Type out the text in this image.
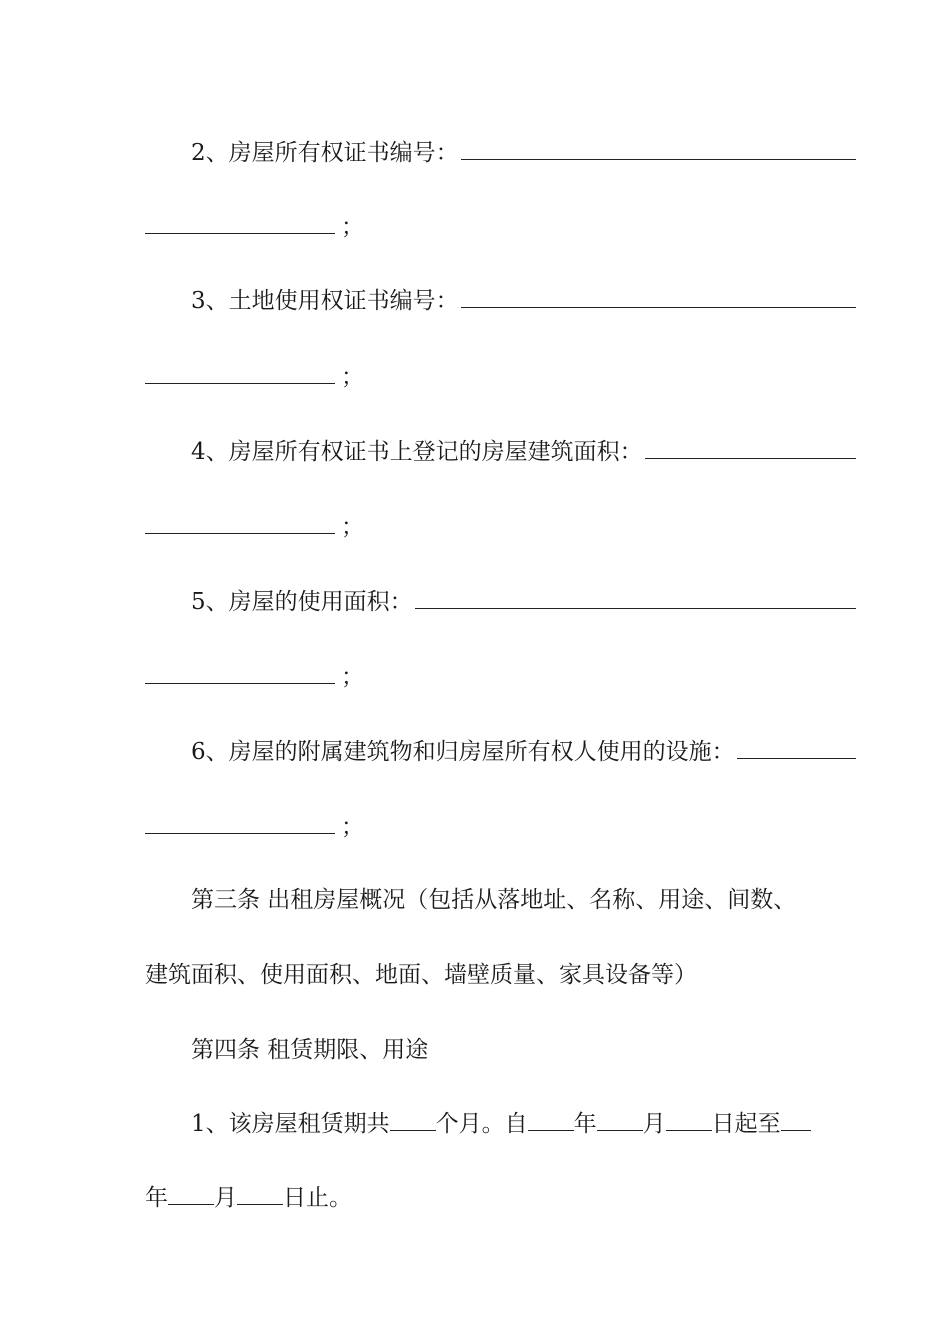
2、 房屋所有权证书编号：
；
3、 土地使用权证书编号：
；
4、 房屋所有权证书上登记的房屋建筑面积：
；
5、 房屋的使用面积：
；
6、 房屋的附属建筑物和归房屋所有权人使用的设施：
；
第三条 出租房屋概况（包括从落地址、名称、用途、间数、
建筑面积、使用面积、地面、墙壁质量、家具设备等）
第四条 租赁期限、用途
1、该房屋租赁期共 个月。自 年 月 日起至
年 月 日止。
